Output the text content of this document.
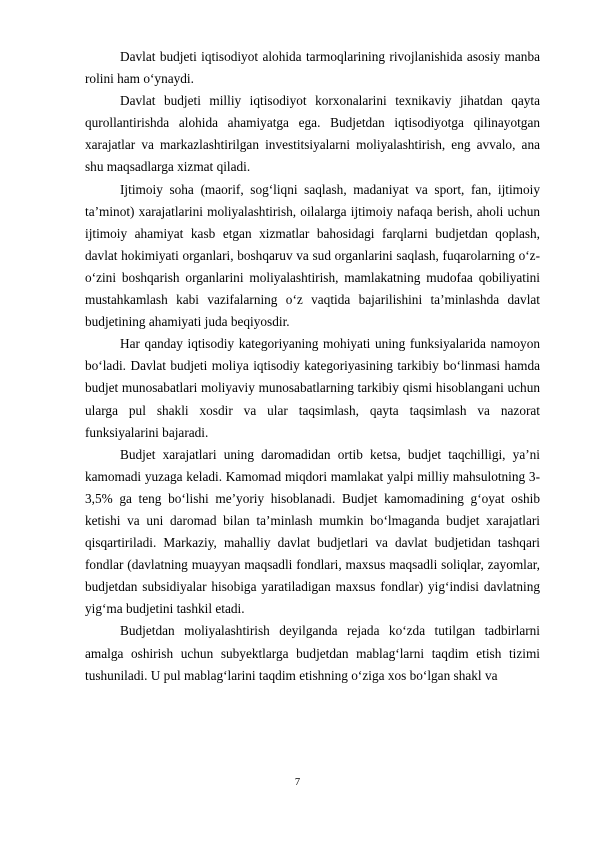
Davlat budjeti iqtisodiyot alohida tarmoqlarining rivojlanishida asosiy manba rolini ham o‘ynaydi.

Davlat budjeti milliy iqtisodiyot korxonalarini texnikaviy jihatdan qayta qurollantirishda alohida ahamiyatga ega. Budjetdan iqtisodiyotga qilinayotgan xarajatlar va markazlashtirilgan investitsiyalarni moliyalashtirish, eng avvalo, ana shu maqsadlarga xizmat qiladi.

Ijtimoiy soha (maorif, sog‘liqni saqlash, madaniyat va sport, fan, ijtimoiy ta’minot) xarajatlarini moliyalashtirish, oilalarga ijtimoiy nafaqa berish, aholi uchun ijtimoiy ahamiyat kasb etgan xizmatlar bahosidagi farqlarni budjetdan qoplash, davlat hokimiyati organlari, boshqaruv va sud organlarini saqlash, fuqarolarning o‘z-o‘zini boshqarish organlarini moliyalashtirish, mamlakatning mudofaa qobiliyatini mustahkamlash kabi vazifalarning o‘z vaqtida bajarilishini ta’minlashda davlat budjetining ahamiyati juda beqiyosdir.

Har qanday iqtisodiy kategoriyaning mohiyati uning funksiyalarida namoyon bo‘ladi. Davlat budjeti moliya iqtisodiy kategoriyasining tarkibiy bo‘linmasi hamda budjet munosabatlari moliyaviy munosabatlarning tarkibiy qismi hisoblangani uchun ularga pul shakli xosdir va ular taqsimlash, qayta taqsimlash va nazorat funksiyalarini bajaradi.

Budjet xarajatlari uning daromadidan ortib ketsa, budjet taqchilligi, ya’ni kamomadi yuzaga keladi. Kamomad miqdori mamlakat yalpi milliy mahsulotning 3-3,5% ga teng bo‘lishi me’yoriy hisoblanadi. Budjet kamomadining g‘oyat oshib ketishi va uni daromad bilan ta’minlash mumkin bo‘lmaganda budjet xarajatlari qisqartiriladi. Markaziy, mahalliy davlat budjetlari va davlat budjetidan tashqari fondlar (davlatning muayyan maqsadli fondlari, maxsus maqsadli soliqlar, zayomlar, budjetdan subsidiyalar hisobiga yaratiladigan maxsus fondlar) yig‘indisi davlatning yig‘ma budjetini tashkil etadi.

Budjetdan moliyalashtirish deyilganda rejada ko‘zda tutilgan tadbirlarni amalga oshirish uchun subyektlarga budjetdan mablag‘larni taqdim etish tizimi tushuniladi. U pul mablag‘larini taqdim etishning o‘ziga xos bo‘lgan shakl va

7
